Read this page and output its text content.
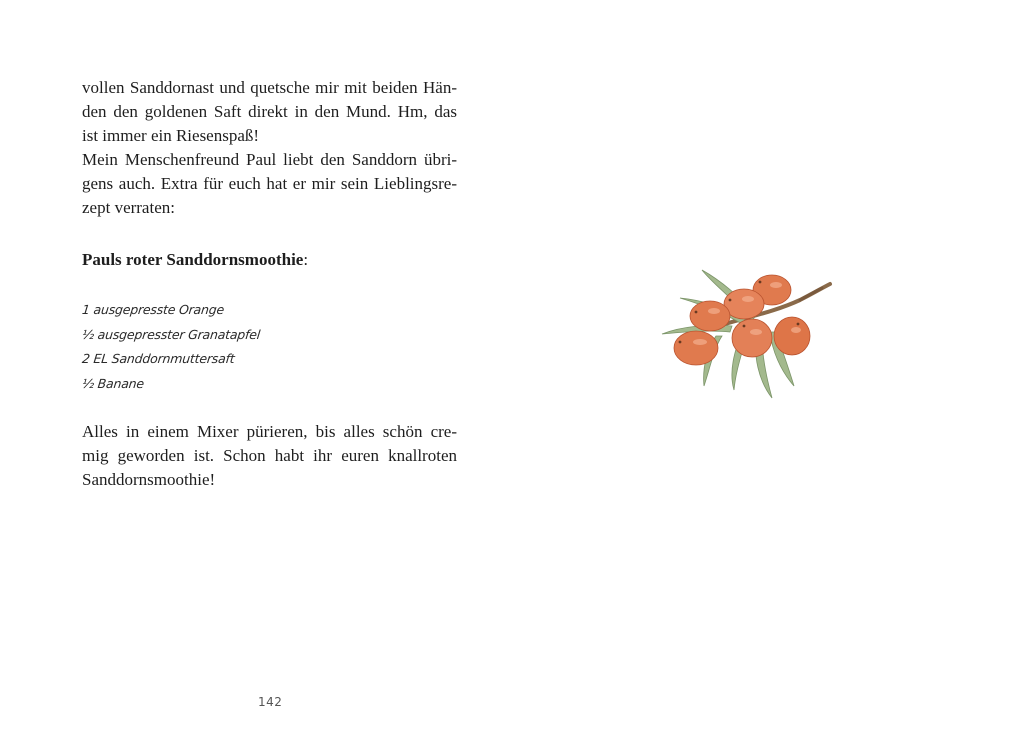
vollen Sanddornast und quetsche mir mit beiden Hän-
den den goldenen Saft direkt in den Mund. Hm, das
ist immer ein Riesenspaß!

Mein Menschenfreund Paul liebt den Sanddorn übri-
gens auch. Extra für euch hat er mir sein Lieblingsre-
zept verraten:

Pauls roter Sanddornsmoothie:

1 ausgepresste Orange
½ ausgepresster Granatapfel
2 EL Sanddornmuttersaft
½ Banane

Alles in einem Mixer pürieren, bis alles schön cre-
mig geworden ist. Schon habt ihr euren knallroten
Sanddornsmoothie!

142
